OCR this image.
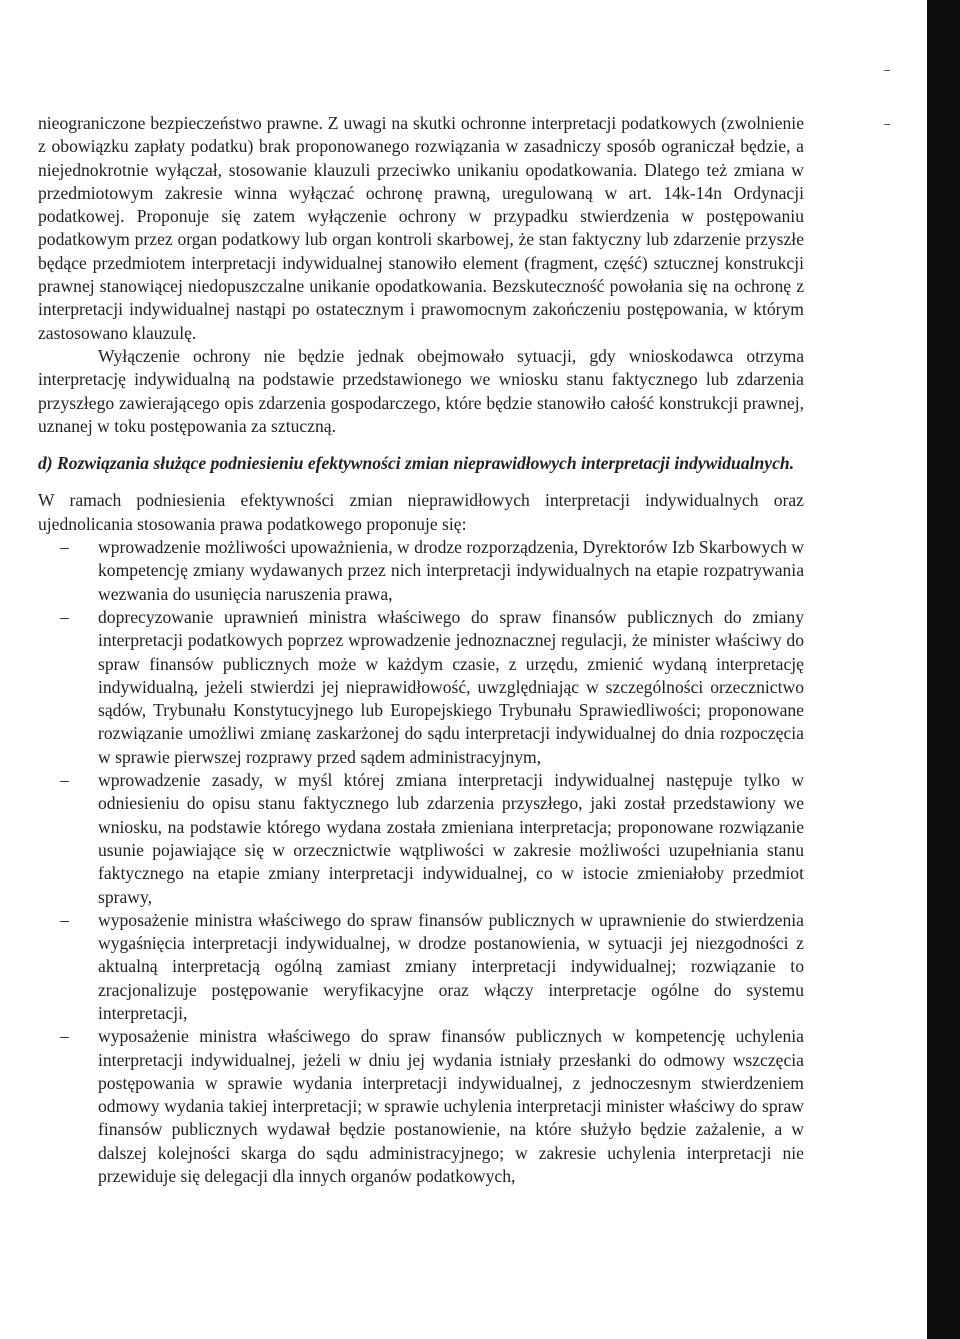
nieograniczone bezpieczeństwo prawne. Z uwagi na skutki ochronne interpretacji podatkowych (zwolnienie z obowiązku zapłaty podatku) brak proponowanego rozwiązania w zasadniczy sposób ograniczał będzie, a niejednokrotnie wyłączał, stosowanie klauzuli przeciwko unikaniu opodatkowania. Dlatego też zmiana w przedmiotowym zakresie winna wyłączać ochronę prawną, uregulowaną w art. 14k-14n Ordynacji podatkowej. Proponuje się zatem wyłączenie ochrony w przypadku stwierdzenia w postępowaniu podatkowym przez organ podatkowy lub organ kontroli skarbowej, że stan faktyczny lub zdarzenie przyszłe będące przedmiotem interpretacji indywidualnej stanowiło element (fragment, część) sztucznej konstrukcji prawnej stanowiącej niedopuszczalne unikanie opodatkowania. Bezskuteczność powołania się na ochronę z interpretacji indywidualnej nastąpi po ostatecznym i prawomocnym zakończeniu postępowania, w którym zastosowano klauzulę.

Wyłączenie ochrony nie będzie jednak obejmowało sytuacji, gdy wnioskodawca otrzyma interpretację indywidualną na podstawie przedstawionego we wniosku stanu faktycznego lub zdarzenia przyszłego zawierającego opis zdarzenia gospodarczego, które będzie stanowiło całość konstrukcji prawnej, uznanej w toku postępowania za sztuczną.

d) Rozwiązania służące podniesieniu efektywności zmian nieprawidłowych interpretacji indywidualnych.

W ramach podniesienia efektywności zmian nieprawidłowych interpretacji indywidualnych oraz ujednolicania stosowania prawa podatkowego proponuje się:

– wprowadzenie możliwości upoważnienia, w drodze rozporządzenia, Dyrektorów Izb Skarbowych w kompetencję zmiany wydawanych przez nich interpretacji indywidualnych na etapie rozpatrywania wezwania do usunięcia naruszenia prawa,
– doprecyzowanie uprawnień ministra właściwego do spraw finansów publicznych do zmiany interpretacji podatkowych poprzez wprowadzenie jednoznacznej regulacji, że minister właściwy do spraw finansów publicznych może w każdym czasie, z urzędu, zmienić wydaną interpretację indywidualną, jeżeli stwierdzi jej nieprawidłowość, uwzględniając w szczególności orzecznictwo sądów, Trybunału Konstytucyjnego lub Europejskiego Trybunału Sprawiedliwości; proponowane rozwiązanie umożliwi zmianę zaskarżonej do sądu interpretacji indywidualnej do dnia rozpoczęcia w sprawie pierwszej rozprawy przed sądem administracyjnym,
– wprowadzenie zasady, w myśl której zmiana interpretacji indywidualnej następuje tylko w odniesieniu do opisu stanu faktycznego lub zdarzenia przyszłego, jaki został przedstawiony we wniosku, na podstawie którego wydana została zmieniana interpretacja; proponowane rozwiązanie usunie pojawiające się w orzecznictwie wątpliwości w zakresie możliwości uzupełniania stanu faktycznego na etapie zmiany interpretacji indywidualnej, co w istocie zmieniałoby przedmiot sprawy,
– wyposażenie ministra właściwego do spraw finansów publicznych w uprawnienie do stwierdzenia wygaśnięcia interpretacji indywidualnej, w drodze postanowienia, w sytuacji jej niezgodności z aktualną interpretacją ogólną zamiast zmiany interpretacji indywidualnej; rozwiązanie to zracjonalizuje postępowanie weryfikacyjne oraz włączy interpretacje ogólne do systemu interpretacji,
– wyposażenie ministra właściwego do spraw finansów publicznych w kompetencję uchylenia interpretacji indywidualnej, jeżeli w dniu jej wydania istniały przesłanki do odmowy wszczęcia postępowania w sprawie wydania interpretacji indywidualnej, z jednoczesnym stwierdzeniem odmowy wydania takiej interpretacji; w sprawie uchylenia interpretacji minister właściwy do spraw finansów publicznych wydawał będzie postanowienie, na które służyło będzie zażalenie, a w dalszej kolejności skarga do sądu administracyjnego; w zakresie uchylenia interpretacji nie przewiduje się delegacji dla innych organów podatkowych,
